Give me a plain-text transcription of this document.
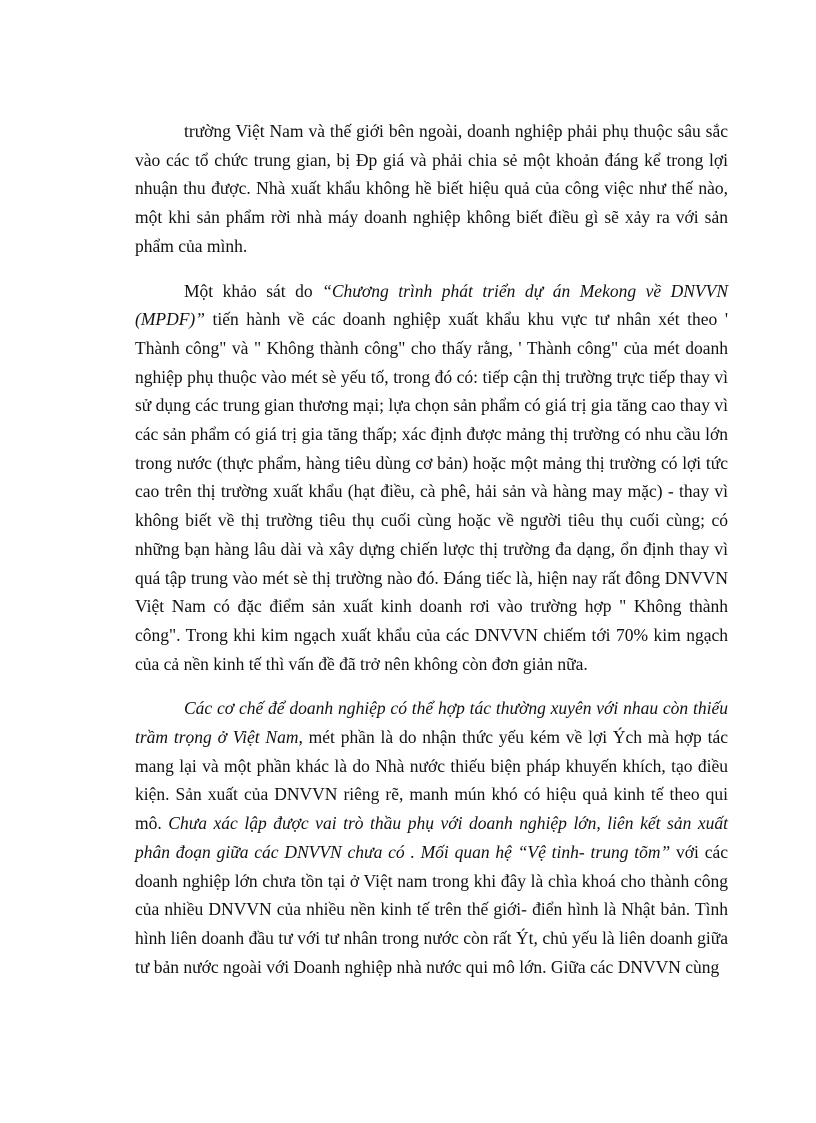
trường Việt Nam và thế giới bên ngoài, doanh nghiệp phải phụ thuộc sâu sắc vào các tổ chức trung gian, bị Đp giá và phải chia sẻ một khoản đáng kể trong lợi nhuận thu được. Nhà xuất khẩu không hề biết hiệu quả của công việc như thế nào, một khi sản phẩm rời nhà máy doanh nghiệp không biết điều gì sẽ xảy ra với sản phẩm của mình.

Một khảo sát do “Chương trình phát triển dự án Mekong về DNVVN (MPDF)” tiến hành về các doanh nghiệp xuất khẩu khu vực tư nhân xét theo ' Thành công" và " Không thành công" cho thấy rằng, ' Thành công" của mét doanh nghiệp phụ thuộc vào mét sè yếu tố, trong đó có: tiếp cận thị trường trực tiếp thay vì sử dụng các trung gian thương mại; lựa chọn sản phẩm có giá trị gia tăng cao thay vì các sản phẩm có giá trị gia tăng thấp; xác định được mảng thị trường có nhu cầu lớn trong nước (thực phẩm, hàng tiêu dùng cơ bản) hoặc một mảng thị trường có lợi tức cao trên thị trường xuất khẩu (hạt điều, cà phê, hải sản và hàng may mặc) - thay vì không biết về thị trường tiêu thụ cuối cùng hoặc về người tiêu thụ cuối cùng; có những bạn hàng lâu dài và xây dựng chiến lược thị trường đa dạng, ổn định thay vì quá tập trung vào mét sè thị trường nào đó. Đáng tiếc là, hiện nay rất đông DNVVN Việt Nam có đặc điểm sản xuất kinh doanh rơi vào trường hợp " Không thành công". Trong khi kim ngạch xuất khẩu của các DNVVN chiếm tới 70% kim ngạch của cả nền kinh tế thì vấn đề đã trở nên không còn đơn giản nữa.

Các cơ chế để doanh nghiệp có thể hợp tác thường xuyên với nhau còn thiếu trầm trọng ở Việt Nam, mét phần là do nhận thức yếu kém về lợi Ých mà hợp tác mang lại và một phần khác là do Nhà nước thiếu biện pháp khuyến khích, tạo điều kiện. Sản xuất của DNVVN riêng rẽ, manh mún khó có hiệu quả kinh tế theo qui mô. Chưa xác lập được vai trò thầu phụ với doanh nghiệp lớn, liên kết sản xuất phân đoạn giữa các DNVVN chưa có . Mối quan hệ “Vệ tinh- trung tõm” với các doanh nghiệp lớn chưa tồn tại ở Việt nam trong khi đây là chìa khoá cho thành công của nhiều DNVVN của nhiều nền kinh tế trên thế giới- điển hình là Nhật bản. Tình hình liên doanh đầu tư với tư nhân trong nước còn rất Ýt, chủ yếu là liên doanh giữa tư bản nước ngoài với Doanh nghiệp nhà nước qui mô lớn. Giữa các DNVVN cùng
